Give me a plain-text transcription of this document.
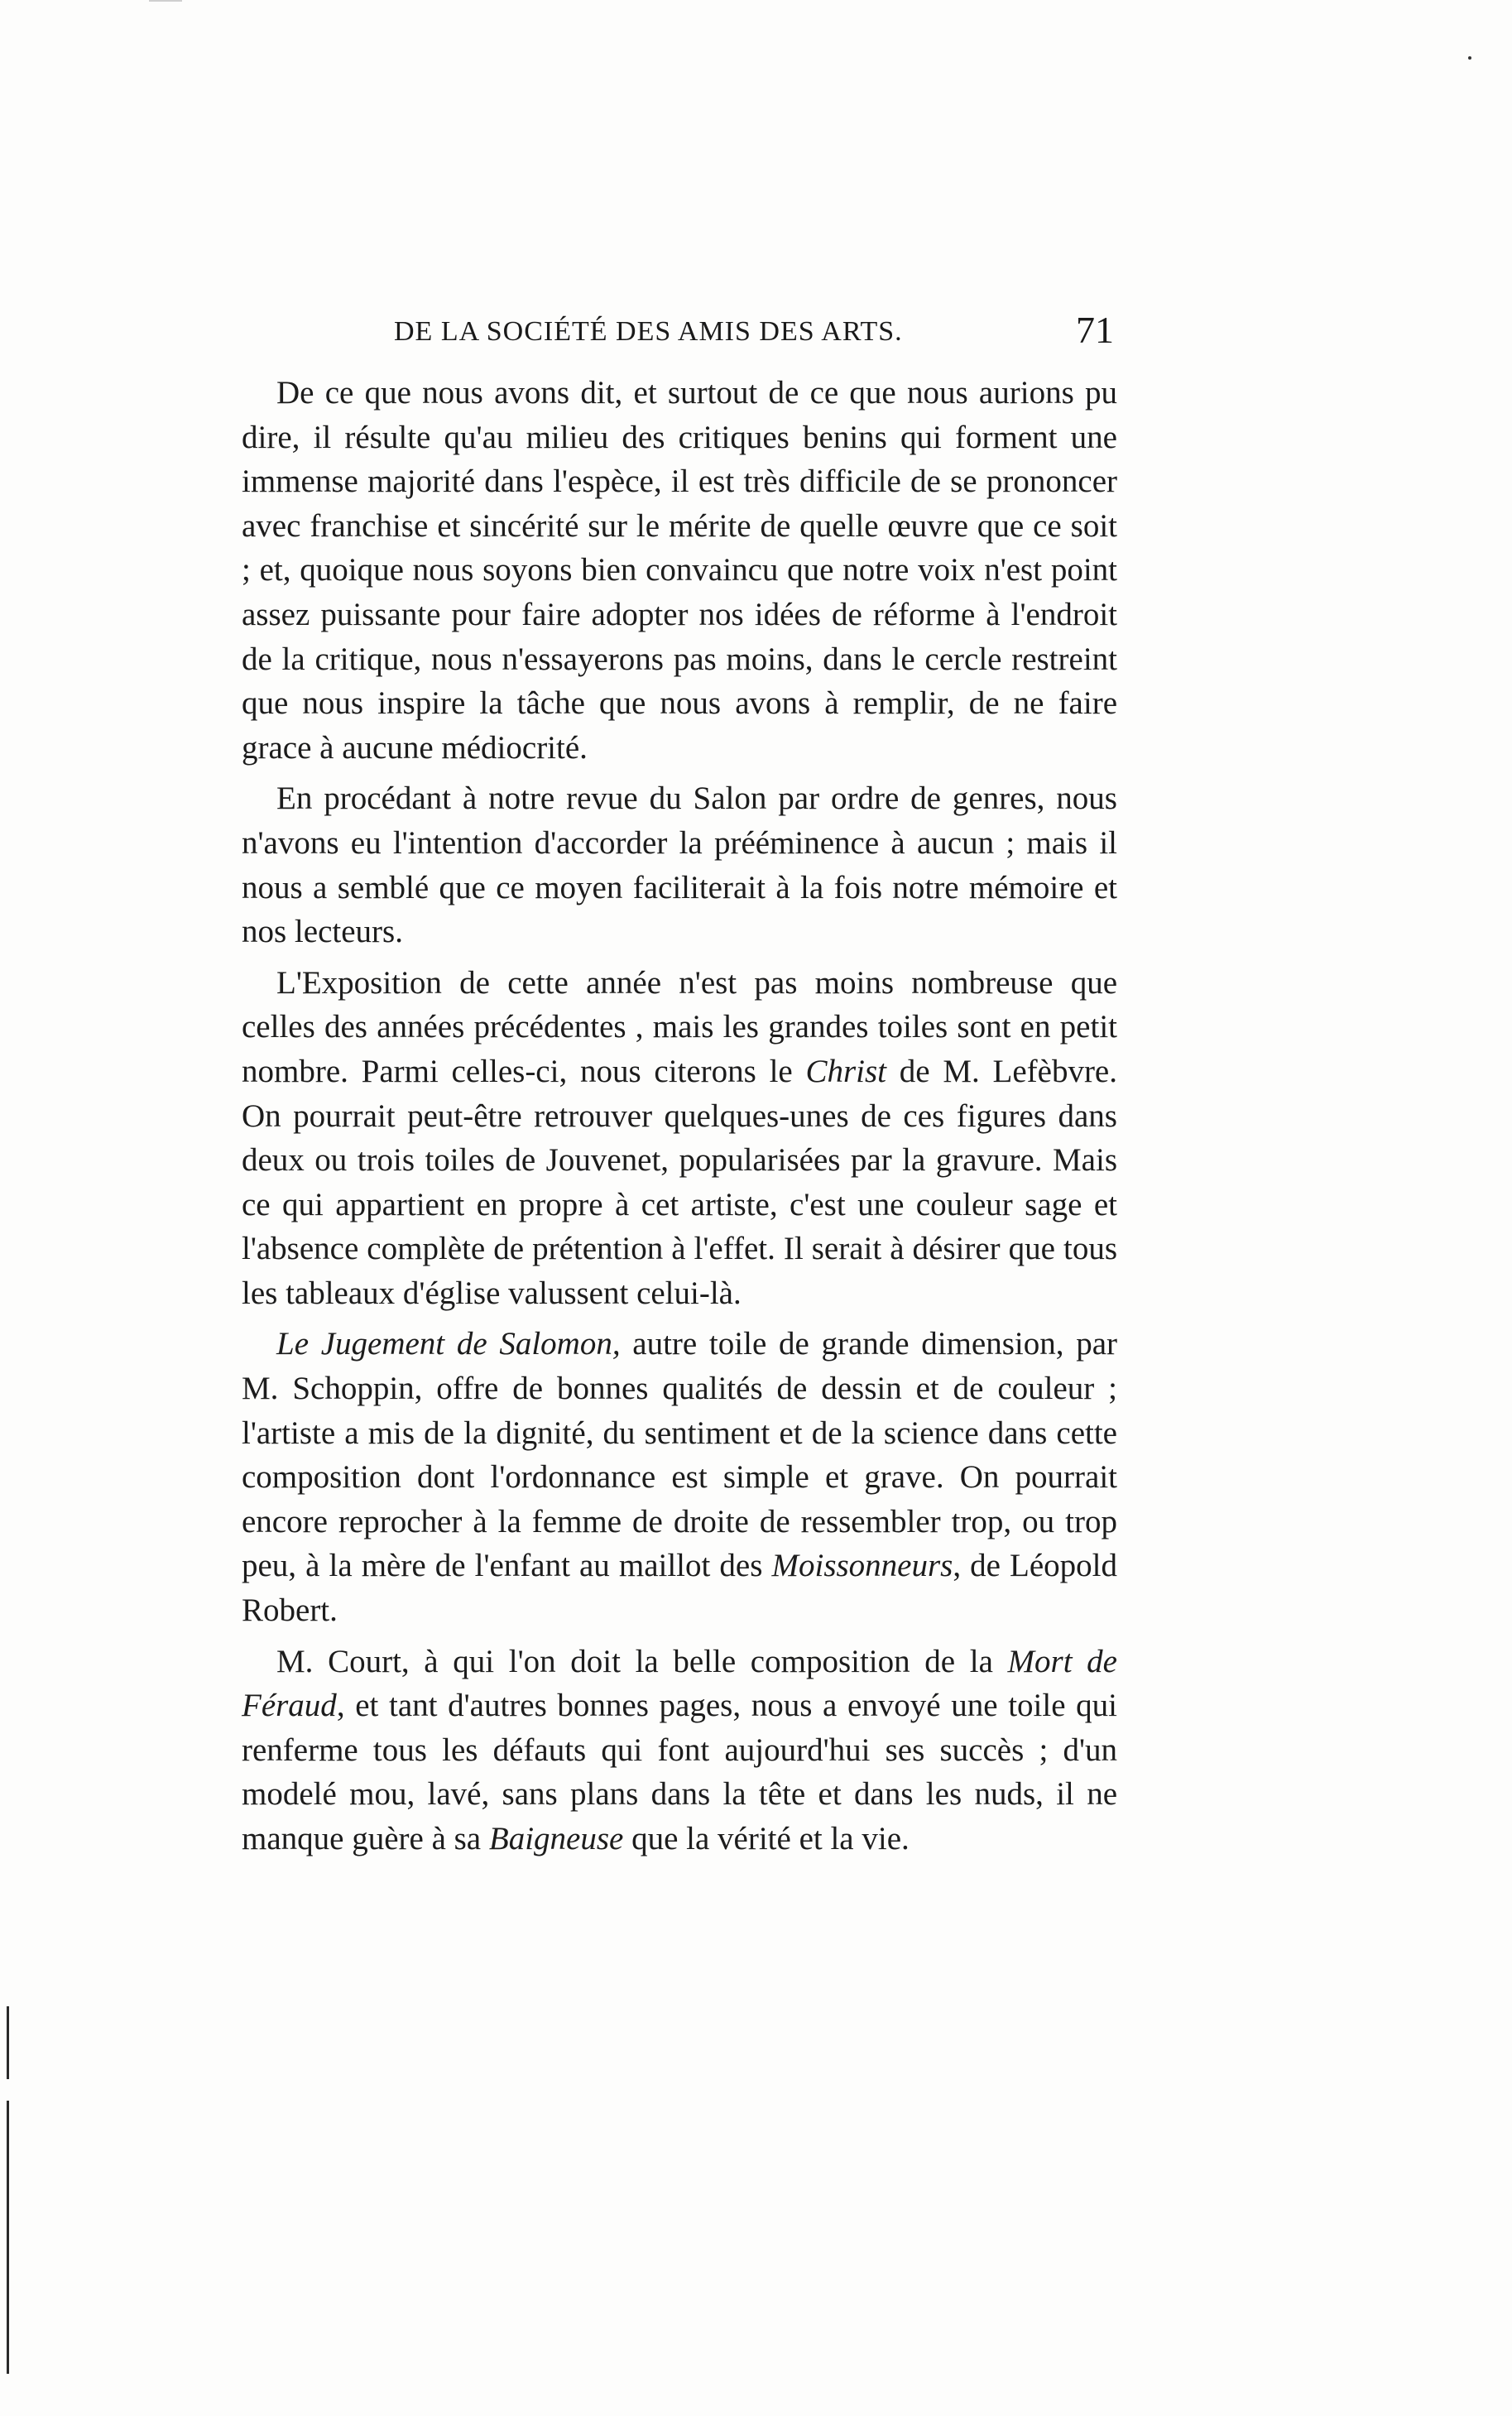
DE LA SOCIÉTÉ DES AMIS DES ARTS.	71

De ce que nous avons dit, et surtout de ce que nous aurions pu dire, il résulte qu'au milieu des critiques benins qui forment une immense majorité dans l'espèce, il est très difficile de se prononcer avec franchise et sincérité sur le mérite de quelle œuvre que ce soit ; et, quoique nous soyons bien convaincu que notre voix n'est point assez puissante pour faire adopter nos idées de réforme à l'endroit de la critique, nous n'essayerons pas moins, dans le cercle restreint que nous inspire la tâche que nous avons à remplir, de ne faire grace à aucune médiocrité.

En procédant à notre revue du Salon par ordre de genres, nous n'avons eu l'intention d'accorder la prééminence à aucun ; mais il nous a semblé que ce moyen faciliterait à la fois notre mémoire et nos lecteurs.

L'Exposition de cette année n'est pas moins nombreuse que celles des années précédentes , mais les grandes toiles sont en petit nombre. Parmi celles-ci, nous citerons le Christ de M. Lefèbvre. On pourrait peut-être retrouver quelques-unes de ces figures dans deux ou trois toiles de Jouvenet, popularisées par la gravure. Mais ce qui appartient en propre à cet artiste, c'est une couleur sage et l'absence complète de prétention à l'effet. Il serait à désirer que tous les tableaux d'église valussent celui-là.

Le Jugement de Salomon, autre toile de grande dimension, par M. Schoppin, offre de bonnes qualités de dessin et de couleur ; l'artiste a mis de la dignité, du sentiment et de la science dans cette composition dont l'ordonnance est simple et grave. On pourrait encore reprocher à la femme de droite de ressembler trop, ou trop peu, à la mère de l'enfant au maillot des Moissonneurs, de Léopold Robert.

M. Court, à qui l'on doit la belle composition de la Mort de Féraud, et tant d'autres bonnes pages, nous a envoyé une toile qui renferme tous les défauts qui font aujourd'hui ses succès ; d'un modelé mou, lavé, sans plans dans la tête et dans les nuds, il ne manque guère à sa Baigneuse que la vérité et la vie.
